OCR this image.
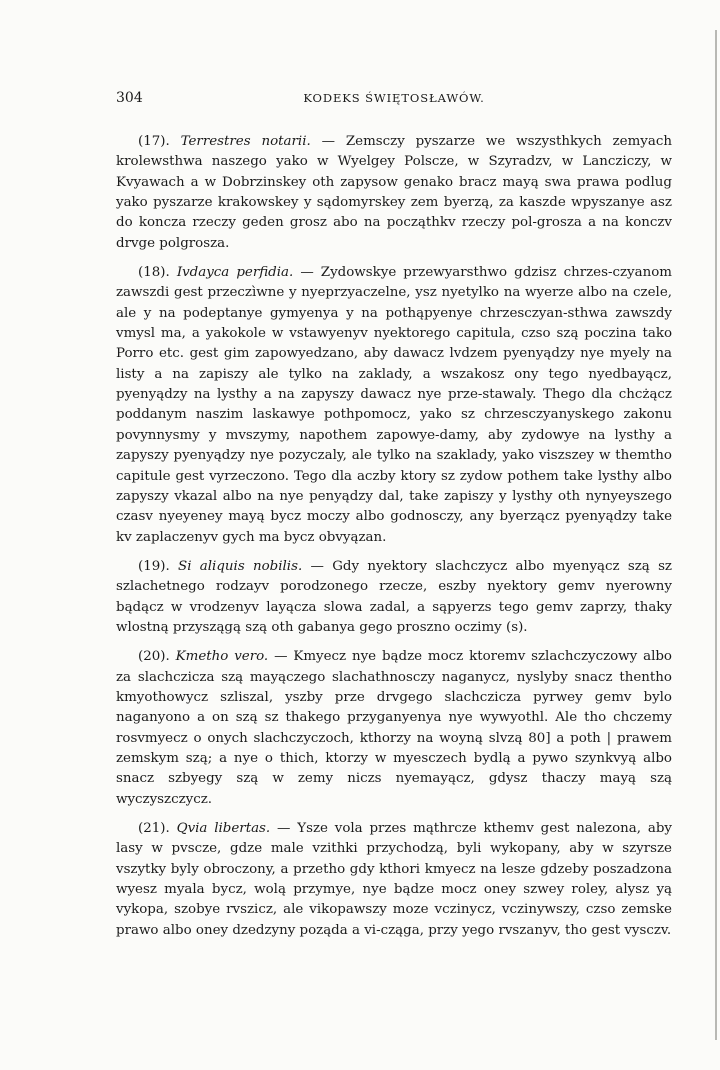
304	KODEKS ŚWIĘTOSŁAWÓW.

(17). Terrestres notarii. — Zemsczy pyszarze we wszysthkych zemyach krolewsthwa naszego yako w Wyelgey Polscze, w Szyradzv, w Lancziczy, w Kvyawach a w Dobrzinskey oth zapysow genako bracz mayą swa prawa podlug yako pyszarze krakowskey y sądomyrskey zem byerzą, za kaszde wpyszanye asz do koncza rzeczy geden grosz abo na począthkv rzeczy pol-grosza a na konczv drvge polgrosza.

(18). Ivdayca perfidia. — Zydowskye przewyarsthwo gdzisz chrzes-czyanom zawszdi gest przeczìwne y nyeprzyaczelne, ysz nyetylko na wyerze albo na czele, ale y na podeptanye gymyenya y na pothąpyenye chrzesczyan-sthwa zawszdy vmysl ma, a yakokole w vstawyenyv nyektorego capitula, czso szą poczina tako Porro etc. gest gim zapowyedzano, aby dawacz lvdzem pyenyądzy nye myely na listy a na zapiszy ale tylko na zaklady, a wszakosz ony tego nyedbayącz, pyenyądzy na lysthy a na zapyszy dawacz nye prze-stawaly. Thego dla chcżącz poddanym naszim laskawye pothpomocz, yako sz chrzesczyanyskego zakonu povynnysmy y mvszymy, napothem zapowye-damy, aby zydowye na lysthy a zapyszy pyenyądzy nye pozyczaly, ale tylko na szaklady, yako viszszey w themtho capitule gest vyrzeczono. Tego dla aczby ktory sz zydow pothem take lysthy albo zapyszy vkazal albo na nye penyądzy dal, take zapiszy y lysthy oth nynyeyszego czasv nyeyeney mayą bycz moczy albo godnosczy, any byerzącz pyenyądzy take kv zaplaczenyv gych ma bycz obvyązan.

(19). Si aliquis nobilis. — Gdy nyektory slachczycz albo myenyącz szą sz szlachetnego rodzayv porodzonego rzecze, eszby nyektory gemv nyerowny bądącz w vrodzenyv layącza slowa zadal, a sąpyerzs tego gemv zaprzy, thaky wlostną przyszągą szą oth gabanya gego proszno oczimy (s).

(20). Kmetho vero. — Kmyecz nye bądze mocz ktoremv szlachczyczowy albo za slachczicza szą mayączego slachathnosczy naganycz, nyslyby snacz thentho kmyothowycz szliszal, yszby prze drvgego slachczicza pyrwey gemv bylo naganyono a on szą sz thakego przyganyenya nye wywyothl. Ale tho chczemy rosvmyecz o onych slachczyczoch, kthorzy na woyną slvzą 80] a poth | prawem zemskym szą; a nye o thich, ktorzy w myesczech bydlą a pywo szynkvyą albo snacz szbyegy szą w zemy niczs nyemayącz, gdysz thaczy mayą szą wyczyszczycz.

(21). Qvia libertas. — Ysze vola przes mąthrcze kthemv gest nalezona, aby lasy w pvscze, gdze male vzithki przychodzą, byli wykopany, aby w szyrsze vszytky byly obroczony, a przetho gdy kthori kmyecz na lesze gdzeby poszadzona wyesz myala bycz, wolą przymye, nye bądze mocz oney szwey roley, alysz yą vykopa, szobye rvszicz, ale vikopawszy moze vczinycz, vczinywszy, czso zemske prawo albo oney dzedzyny poząda a vi-cząga, przy yego rvszanyv, tho gest vysczv.
